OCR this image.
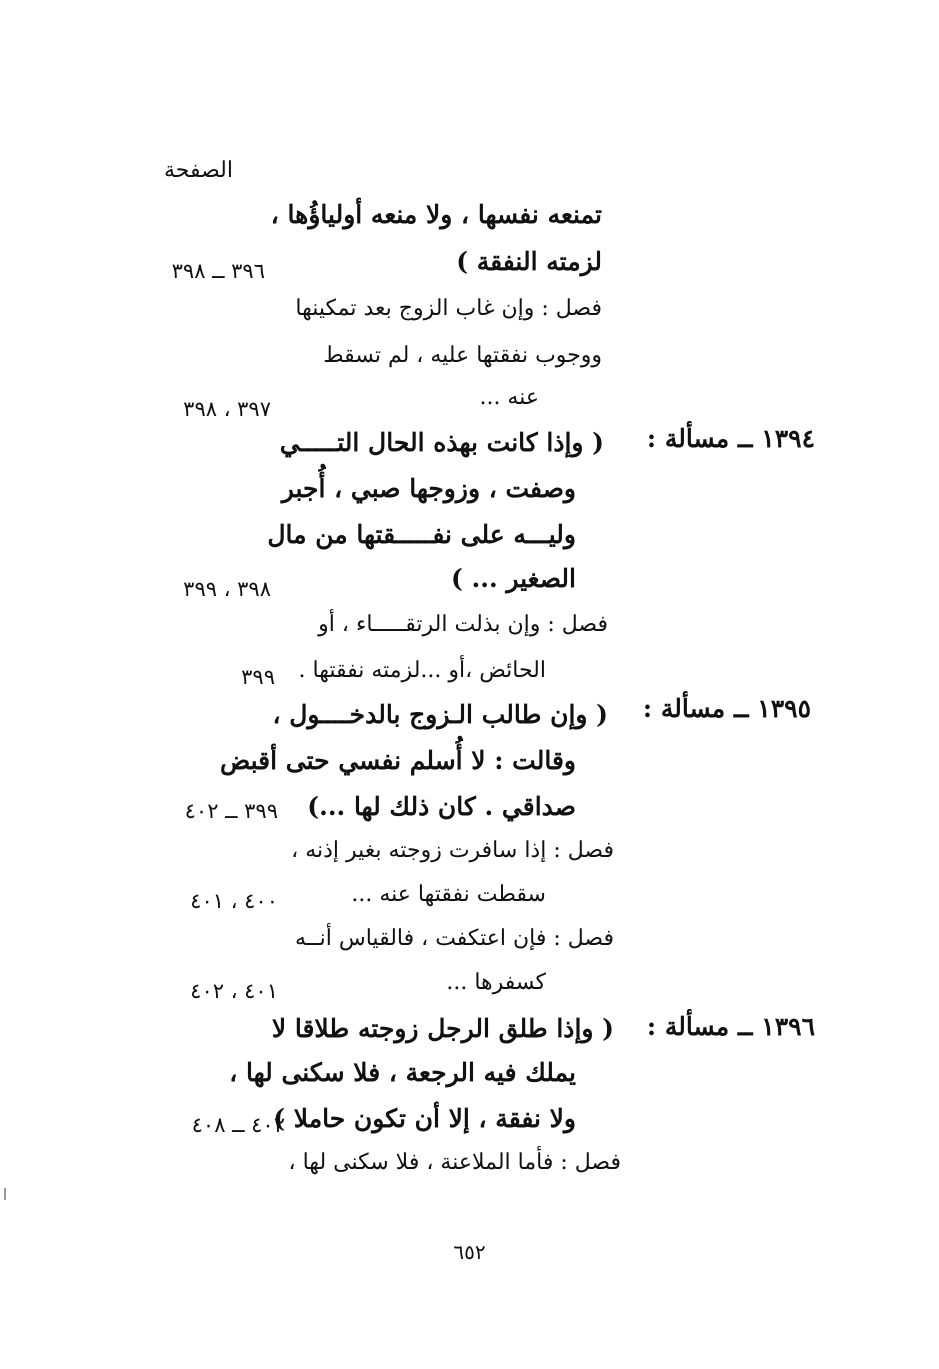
الصفحة
١٣٩٤ ــ مسألة :
١٣٩٥ ــ مسألة :
١٣٩٦ ــ مسألة :
تمنعه نفسها ، ولا منعه أولياؤُها ،
لزمته النفقة )
فصل : وإن غاب الزوج بعد تمكينها
ووجوب نفقتها عليه ، لم تسقط
عنه ...
( وإذا كانت بهذه الحال التـــــي
وصفت ، وزوجها صبي ، أُجبر
وليـــه على نفـــــقتها من مال
الصغير ... )
فصل : وإن بذلت الرتقـــــاء ، أو
الحائض ،أو ...لزمته نفقتها .
( وإن طالب الـزوج بالدخــــول ،
وقالت : لا أُسلم نفسي حتى أقبض
صداقي . كان ذلك لها ...)
فصل : إذا سافرت زوجته بغير إذنه ،
سقطت نفقتها عنه ...
فصل : فإن اعتكفت ، فالقياس أنــه
كسفرها ...
( وإذا طلق الرجل زوجته طلاقا لا
يملك فيه الرجعة ، فلا سكنى لها ،
ولا نفقة ، إلا أن تكون حاملا )
فصل : فأما الملاعنة ، فلا سكنى لها ،
٣٩٦ ــ ٣٩٨
٣٩٧ ، ٣٩٨
٣٩٨ ، ٣٩٩
٣٩٩
٣٩٩ ــ ٤٠٢
٤٠٠ ، ٤٠١
٤٠١ ، ٤٠٢
٤٠٢ ــ ٤٠٨
٦٥٢
